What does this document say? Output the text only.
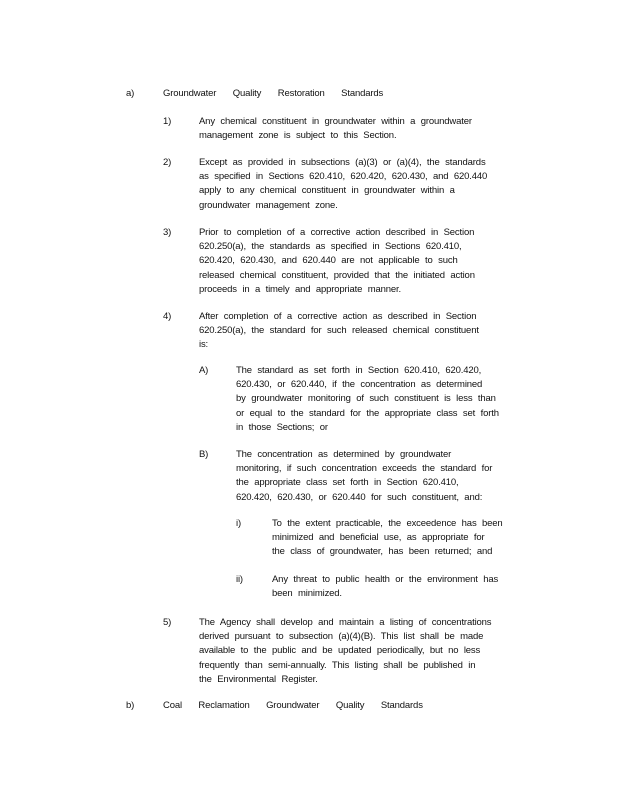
a)	Groundwater Quality Restoration Standards
1)	Any chemical constituent in groundwater within a groundwater
management zone is subject to this Section.
2)	Except as provided in subsections (a)(3) or (a)(4), the standards
as specified in Sections 620.410, 620.420, 620.430, and 620.440
apply to any chemical constituent in groundwater within a
groundwater management zone.
3)	Prior to completion of a corrective action described in Section
620.250(a), the standards as specified in Sections 620.410,
620.420, 620.430, and 620.440 are not applicable to such
released chemical constituent, provided that the initiated action
proceeds in a timely and appropriate manner.
4)	After completion of a corrective action as described in Section
620.250(a), the standard for such released chemical constituent
is:
A)	The standard as set forth in Section 620.410, 620.420,
620.430, or 620.440, if the concentration as determined
by groundwater monitoring of such constituent is less than
or equal to the standard for the appropriate class set forth
in those Sections; or
B)	The concentration as determined by groundwater
monitoring, if such concentration exceeds the standard for
the appropriate class set forth in Section 620.410,
620.420, 620.430, or 620.440 for such constituent, and:
i)	To the extent practicable, the exceedence has been
minimized and beneficial use, as appropriate for
the class of groundwater, has been returned; and
ii)	Any threat to public health or the environment has
been minimized.
5)	The Agency shall develop and maintain a listing of concentrations
derived pursuant to subsection (a)(4)(B). This list shall be made
available to the public and be updated periodically, but no less
frequently than semi-annually. This listing shall be published in
the Environmental Register.
b)	Coal Reclamation Groundwater Quality Standards
